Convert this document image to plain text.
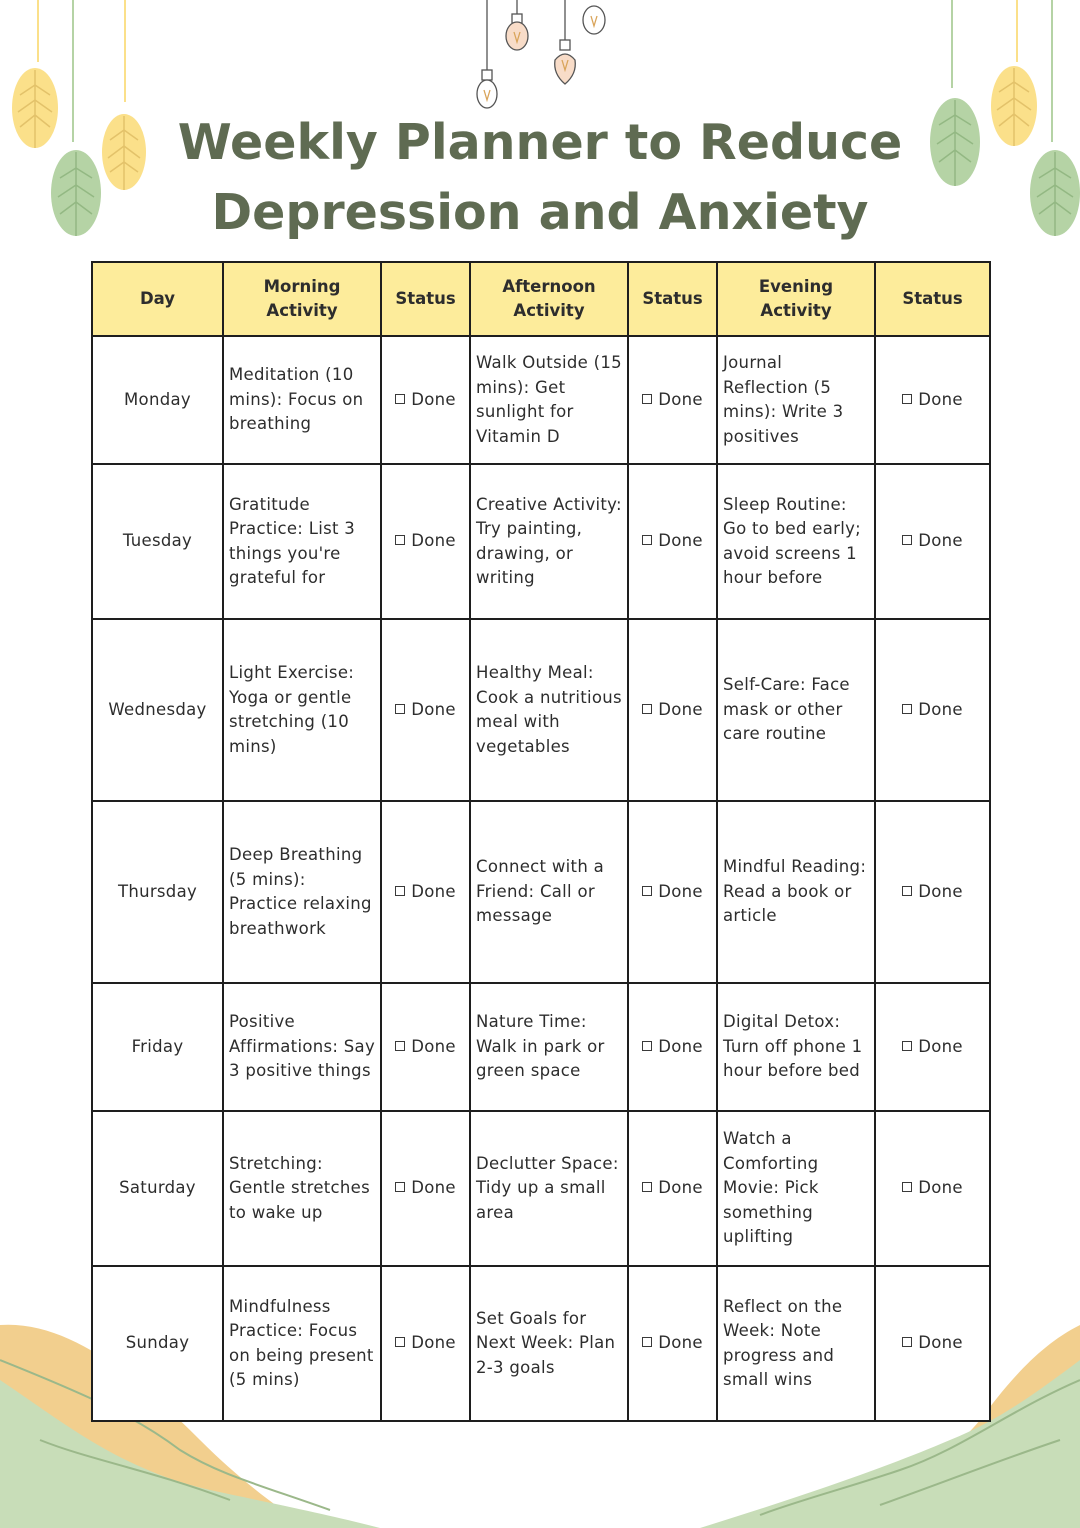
Weekly Planner to Reduce
Depression and Anxiety
Day	Morning Activity	Status	Afternoon Activity	Status	Evening Activity	Status
Monday	Meditation (10 mins): Focus on breathing	Done	Walk Outside (15 mins): Get sunlight for Vitamin D	Done	Journal Reflection (5 mins): Write 3 positives	Done
Tuesday	Gratitude Practice: List 3 things you're grateful for	Done	Creative Activity: Try painting, drawing, or writing	Done	Sleep Routine: Go to bed early; avoid screens 1 hour before	Done
Wednesday	Light Exercise: Yoga or gentle stretching (10 mins)	Done	Healthy Meal: Cook a nutritious meal with vegetables	Done	Self-Care: Face mask or other care routine	Done
Thursday	Deep Breathing (5 mins): Practice relaxing breathwork	Done	Connect with a Friend: Call or message	Done	Mindful Reading: Read a book or article	Done
Friday	Positive Affirmations: Say 3 positive things	Done	Nature Time: Walk in park or green space	Done	Digital Detox: Turn off phone 1 hour before bed	Done
Saturday	Stretching: Gentle stretches to wake up	Done	Declutter Space: Tidy up a small area	Done	Watch a Comforting Movie: Pick something uplifting	Done
Sunday	Mindfulness Practice: Focus on being present (5 mins)	Done	Set Goals for Next Week: Plan 2-3 goals	Done	Reflect on the Week: Note progress and small wins	Done
